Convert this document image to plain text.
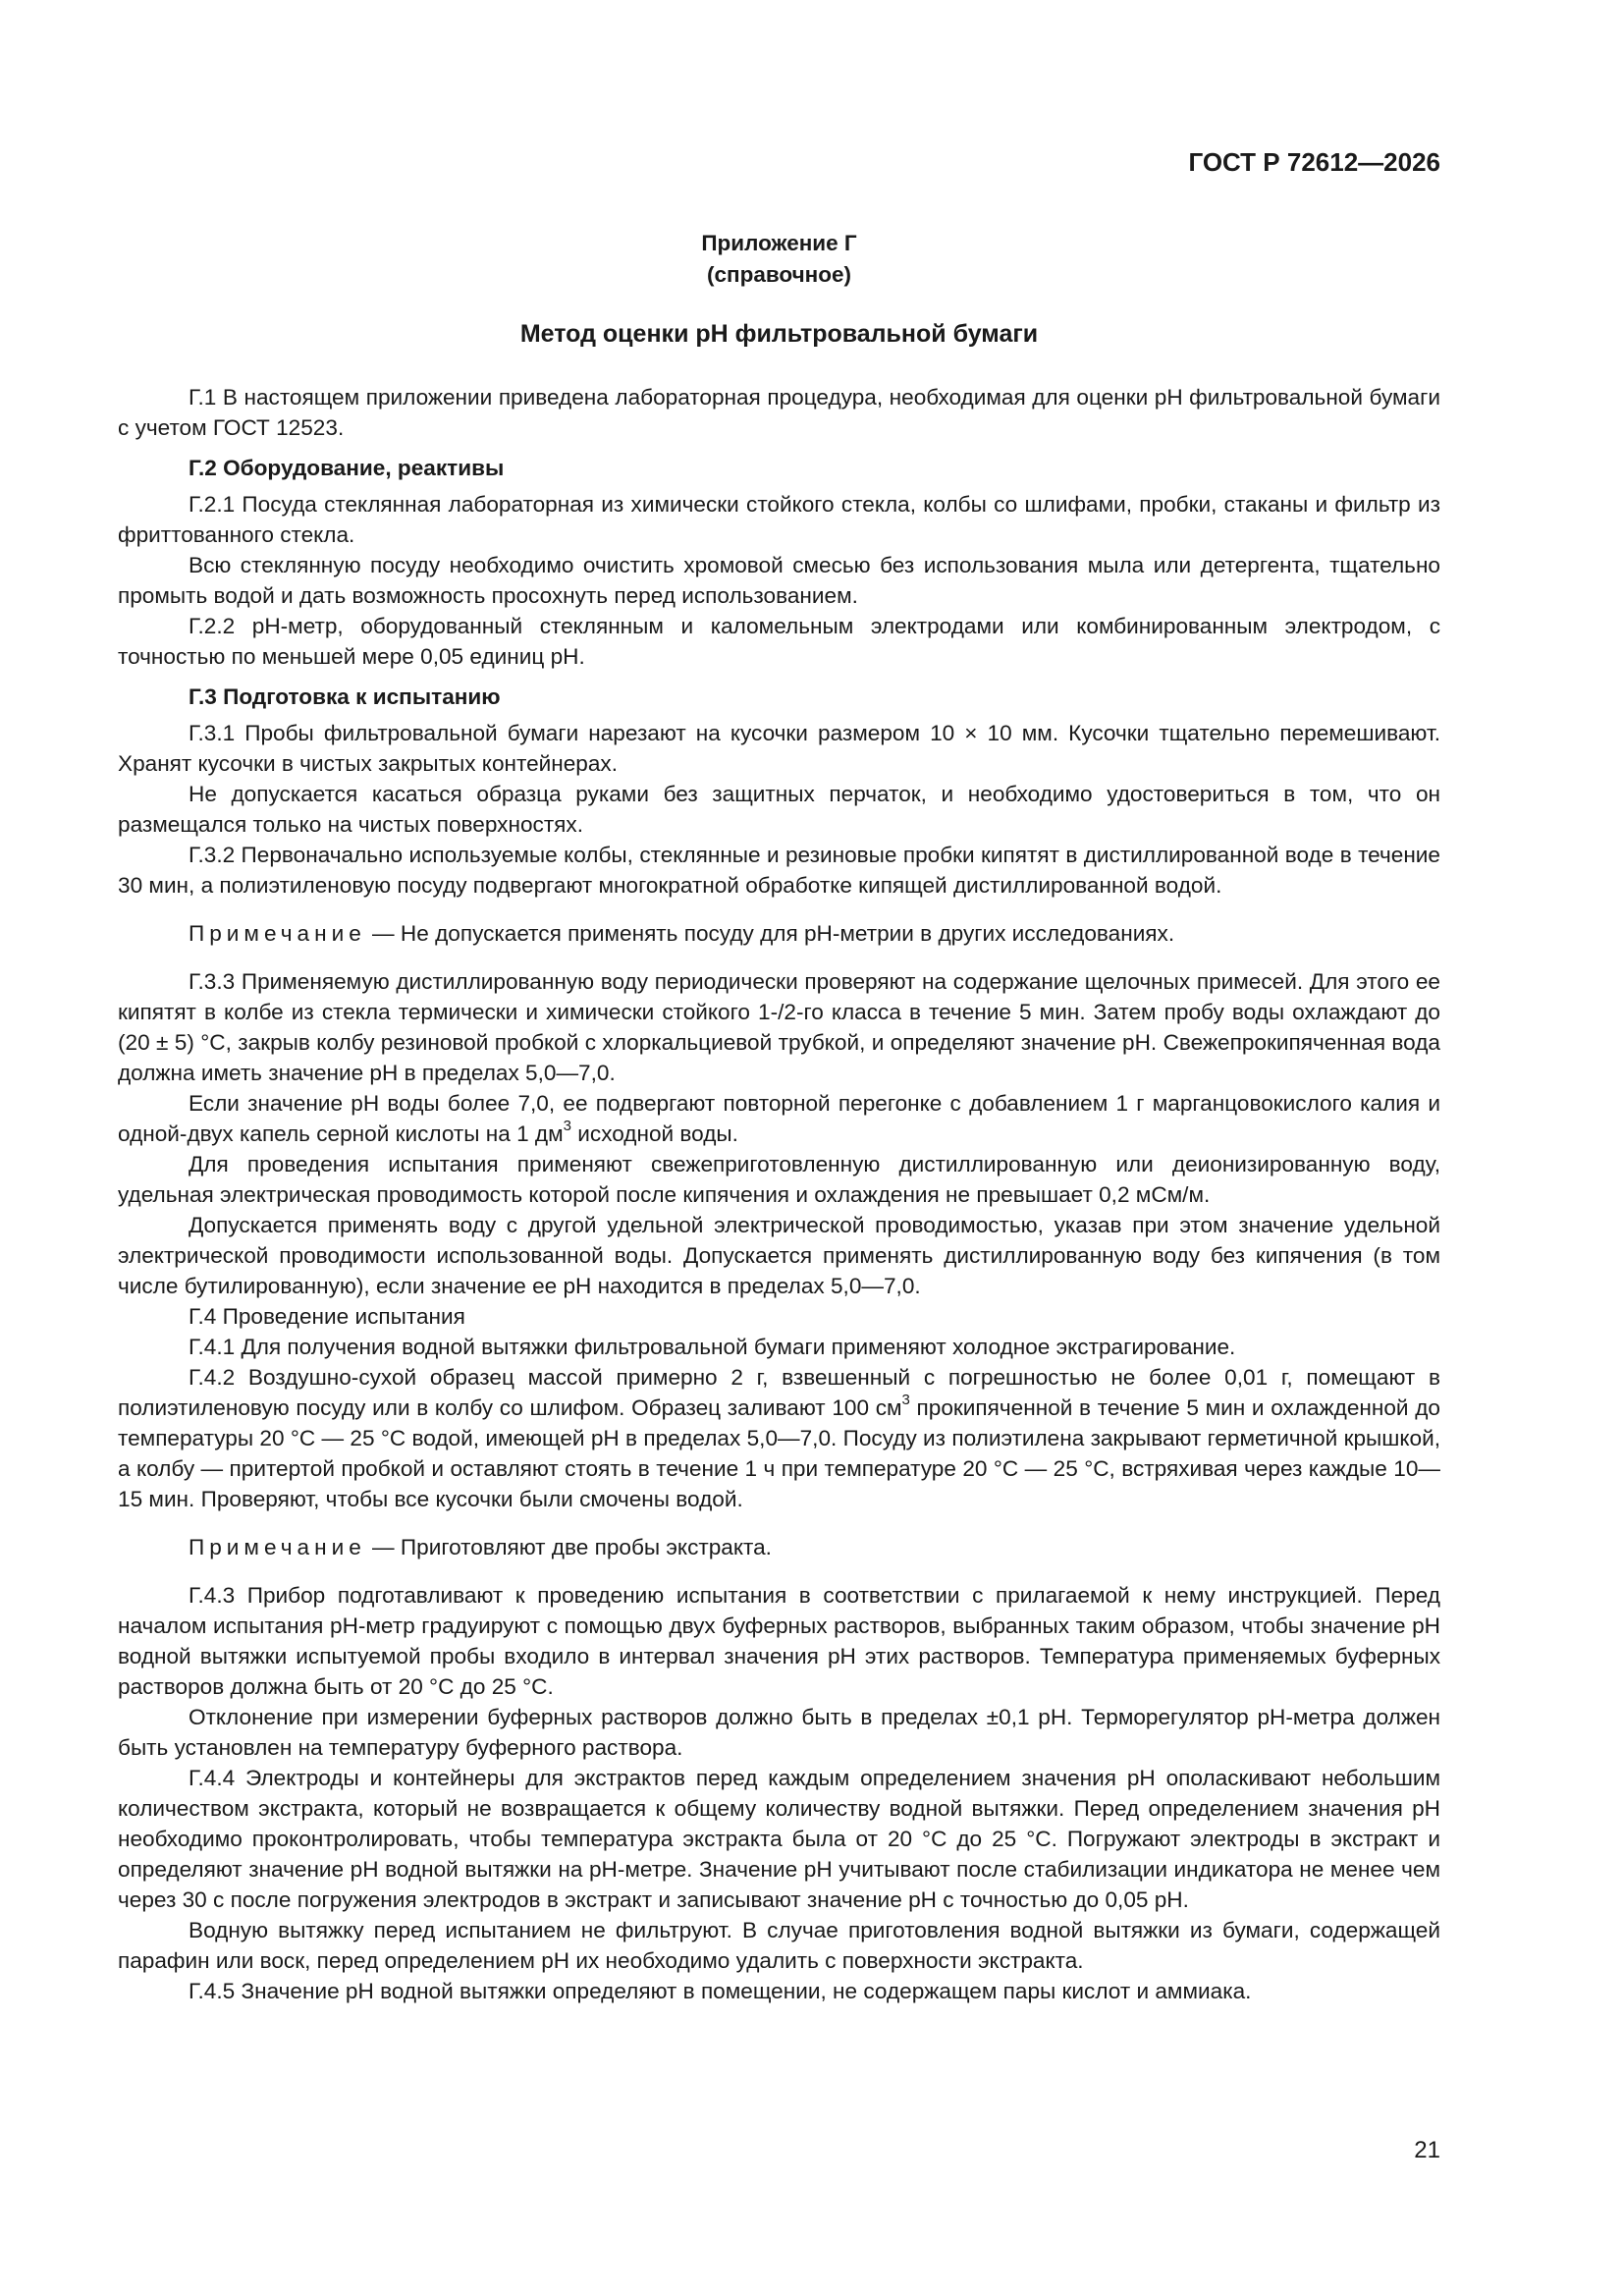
ГОСТ Р 72612—2026
Приложение Г
(справочное)
Метод оценки pH фильтровальной бумаги

Г.1 В настоящем приложении приведена лабораторная процедура, необходимая для оценки pH фильтровальной бумаги с учетом ГОСТ 12523.

Г.2 Оборудование, реактивы

Г.2.1 Посуда стеклянная лабораторная из химически стойкого стекла, колбы со шлифами, пробки, стаканы и фильтр из фриттованного стекла.

Всю стеклянную посуду необходимо очистить хромовой смесью без использования мыла или детергента, тщательно промыть водой и дать возможность просохнуть перед использованием.

Г.2.2 pH-метр, оборудованный стеклянным и каломельным электродами или комбинированным электродом, с точностью по меньшей мере 0,05 единиц pH.

Г.3 Подготовка к испытанию

Г.3.1 Пробы фильтровальной бумаги нарезают на кусочки размером 10 × 10 мм. Кусочки тщательно перемешивают. Хранят кусочки в чистых закрытых контейнерах.

Не допускается касаться образца руками без защитных перчаток, и необходимо удостовериться в том, что он размещался только на чистых поверхностях.

Г.3.2 Первоначально используемые колбы, стеклянные и резиновые пробки кипятят в дистиллированной воде в течение 30 мин, а полиэтиленовую посуду подвергают многократной обработке кипящей дистиллированной водой.

Примечание — Не допускается применять посуду для pH-метрии в других исследованиях.

Г.3.3 Применяемую дистиллированную воду периодически проверяют на содержание щелочных примесей. Для этого ее кипятят в колбе из стекла термически и химически стойкого 1-/2-го класса в течение 5 мин. Затем пробу воды охлаждают до (20 ± 5) °С, закрыв колбу резиновой пробкой с хлоркальциевой трубкой, и определяют значение pH. Свежепрокипяченная вода должна иметь значение pH в пределах 5,0—7,0.

Если значение pH воды более 7,0, ее подвергают повторной перегонке с добавлением 1 г марганцовокислого калия и одной-двух капель серной кислоты на 1 $дм^3$ исходной воды.

Для проведения испытания применяют свежеприготовленную дистиллированную или деионизированную воду, удельная электрическая проводимость которой после кипячения и охлаждения не превышает 0,2 мСм/м.

Допускается применять воду с другой удельной электрической проводимостью, указав при этом значение удельной электрической проводимости использованной воды. Допускается применять дистиллированную воду без кипячения (в том числе бутилированную), если значение ее pH находится в пределах 5,0—7,0.

Г.4 Проведение испытания

Г.4.1 Для получения водной вытяжки фильтровальной бумаги применяют холодное экстрагирование.

Г.4.2 Воздушно-сухой образец массой примерно 2 г, взвешенный с погрешностью не более 0,01 г, помещают в полиэтиленовую посуду или в колбу со шлифом. Образец заливают 100 $см^3$ прокипяченной в течение 5 мин и охлажденной до температуры 20 °С — 25 °С водой, имеющей pH в пределах 5,0—7,0. Посуду из полиэтилена закрывают герметичной крышкой, а колбу — притертой пробкой и оставляют стоять в течение 1 ч при температуре 20 °С — 25 °С, встряхивая через каждые 10—15 мин. Проверяют, чтобы все кусочки были смочены водой.

Примечание — Приготовляют две пробы экстракта.

Г.4.3 Прибор подготавливают к проведению испытания в соответствии с прилагаемой к нему инструкцией. Перед началом испытания pH-метр градуируют с помощью двух буферных растворов, выбранных таким образом, чтобы значение pH водной вытяжки испытуемой пробы входило в интервал значения pH этих растворов. Температура применяемых буферных растворов должна быть от 20 °С до 25 °С.

Отклонение при измерении буферных растворов должно быть в пределах ±0,1 pH. Терморегулятор pH-метра должен быть установлен на температуру буферного раствора.

Г.4.4 Электроды и контейнеры для экстрактов перед каждым определением значения pH ополаскивают небольшим количеством экстракта, который не возвращается к общему количеству водной вытяжки. Перед определением значения pH необходимо проконтролировать, чтобы температура экстракта была от 20 °С до 25 °С. Погружают электроды в экстракт и определяют значение pH водной вытяжки на pH-метре. Значение pH учитывают после стабилизации индикатора не менее чем через 30 с после погружения электродов в экстракт и записывают значение pH с точностью до 0,05 pH.

Водную вытяжку перед испытанием не фильтруют. В случае приготовления водной вытяжки из бумаги, содержащей парафин или воск, перед определением pH их необходимо удалить с поверхности экстракта.

Г.4.5 Значение pH водной вытяжки определяют в помещении, не содержащем пары кислот и аммиака.

21
